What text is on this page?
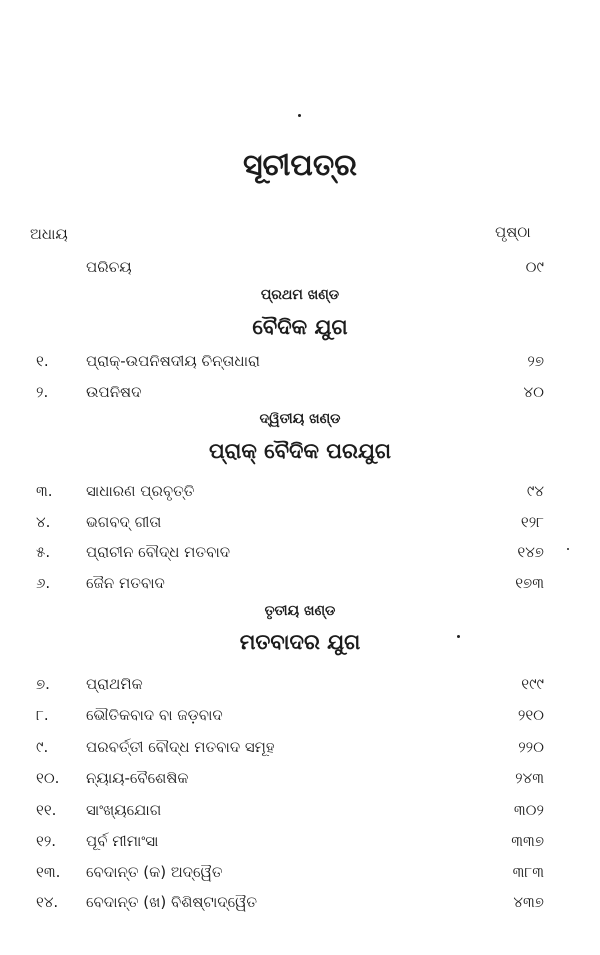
ସୂଚୀପତ୍ର
ଅଧାୟ	ପୃଷ୍ଠା
ପରିଚୟ	୦୯
ପ୍ରଥମ ଖଣ୍ଡ
ବୈଦିକ ଯୁଗ
୧. ପ୍ରାକ୍-ଉପନିଷଦୀୟ ଚିନ୍ତାଧାରା	୨୭
୨.	ଉପନିଷଦ	୪୦
ଦ୍ୱିତୀୟ ଖଣ୍ଡ
ପ୍ରାକ୍ ବୈଦିକ ପରଯୁଗ
୩. ସାଧାରଣ ପ୍ରବୃତ୍ତି	୯୪
୪. ଭଗବଦ୍ ଗୀତା	୧୨୮
୫. ପ୍ରାଚୀନ ବୌଦ୍ଧ ମତବାଦ	୧୪୭
୬. ଜୈନ ମତବାଦ	୧୭୩
ତୃତୀୟ ଖଣ୍ଡ
ମତବାଦର ଯୁଗ
୭. ପ୍ରାଥମିକ	୧୯୯
୮. ଭୌତିକବାଦ ବା ଜଡ଼ବାଦ	୨୧୦
୯.	ପରବର୍ତ୍ତୀ ବୌଦ୍ଧ ମତବାଦ ସମୂହ	୨୨୦
୧୦. ନ୍ୟାୟ-ବୈଶେଷିକ	୨୪୩
୧୧. ସାଂଖ୍ୟଯୋଗ	୩୦୨
୧୨. ପୂର୍ବ ମୀମାଂସା	୩୩୭
୧୩. ବେଦାନ୍ତ (କ) ଅଦ୍ୱୈତ	୩୮୩
୧୪. ବେଦାନ୍ତ (ଖ) ବିଶିଷ୍ଟାଦ୍ୱୈତ	୪୩୭
